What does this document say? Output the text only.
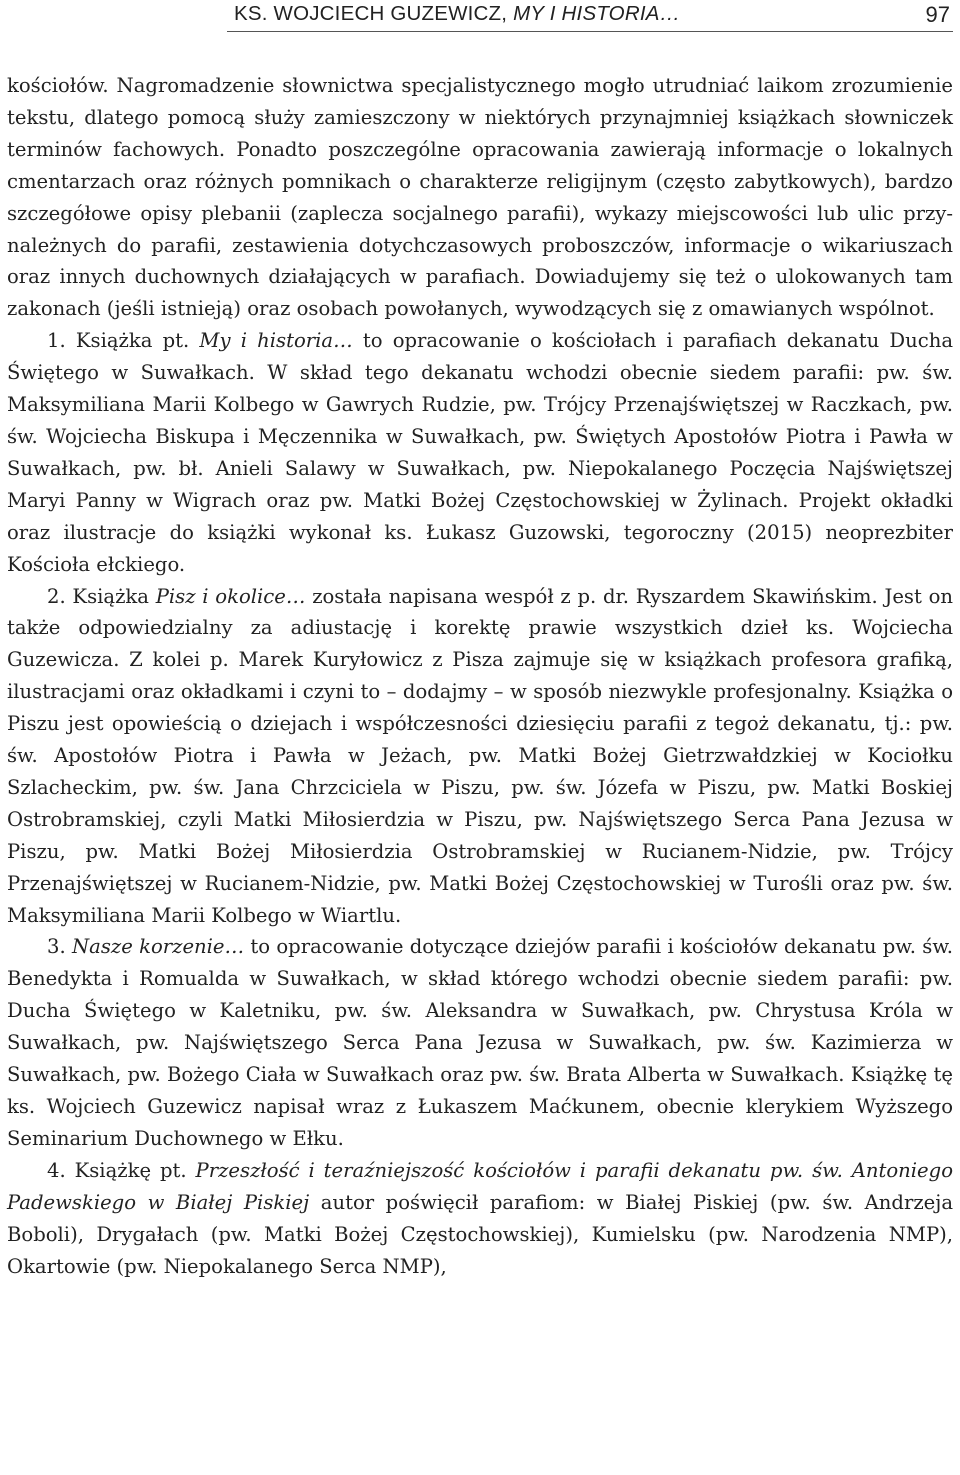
KS. WOJCIECH GUZEWICZ, MY I HISTORIA…	97

kościołów. Nagromadzenie słownictwa specjalistycznego mogło utrudniać laikom zrozumienie tekstu, dlatego pomocą służy zamieszczony w niektórych przynajmniej książkach słowniczek terminów fachowych. Ponadto poszczególne opracowania zawierają informacje o lokalnych cmentarzach oraz różnych pomnikach o charakterze religijnym (często zabytkowych), bardzo szczegółowe opisy plebanii (zaplecza socjalnego parafii), wykazy miejscowości lub ulic przynależnych do parafii, zestawienia dotychczasowych proboszczów, informacje o wikariuszach oraz innych duchownych działających w parafiach. Dowiadujemy się też o ulokowanych tam zakonach (jeśli istnieją) oraz osobach powołanych, wywodzących się z omawianych wspólnot.

1. Książka pt. My i historia… to opracowanie o kościołach i parafiach dekanatu Ducha Świętego w Suwałkach. W skład tego dekanatu wchodzi obecnie siedem parafii: pw. św. Maksymiliana Marii Kolbego w Gawrych Rudzie, pw. Trójcy Przenajświętszej w Raczkach, pw. św. Wojciecha Biskupa i Męczennika w Suwałkach, pw. Świętych Apostołów Piotra i Pawła w Suwałkach, pw. bł. Anieli Salawy w Suwałkach, pw. Niepokalanego Poczęcia Najświętszej Maryi Panny w Wigrach oraz pw. Matki Bożej Częstochowskiej w Żylinach. Projekt okładki oraz ilustracje do książki wykonał ks. Łukasz Guzowski, tegoroczny (2015) neoprezbiter Kościoła ełckiego.

2. Książka Pisz i okolice… została napisana wespół z p. dr. Ryszardem Skawińskim. Jest on także odpowiedzialny za adiustację i korektę prawie wszystkich dzieł ks. Wojciecha Guzewicza. Z kolei p. Marek Kuryłowicz z Pisza zajmuje się w książkach profesora grafiką, ilustracjami oraz okładkami i czyni to – dodajmy – w sposób niezwykle profesjonalny. Książka o Piszu jest opowieścią o dziejach i współczesności dziesięciu parafii z tegoż dekanatu, tj.: pw. św. Apostołów Piotra i Pawła w Jeżach, pw. Matki Bożej Gietrzwałdzkiej w Kociołku Szlacheckim, pw. św. Jana Chrzciciela w Piszu, pw. św. Józefa w Piszu, pw. Matki Boskiej Ostrobramskiej, czyli Matki Miłosierdzia w Piszu, pw. Najświętszego Serca Pana Jezusa w Piszu, pw. Matki Bożej Miłosierdzia Ostrobramskiej w Rucianem-Nidzie, pw. Trójcy Przenajświętszej w Rucianem-Nidzie, pw. Matki Bożej Częstochowskiej w Turośli oraz pw. św. Maksymiliana Marii Kolbego w Wiartlu.

3. Nasze korzenie… to opracowanie dotyczące dziejów parafii i kościołów dekanatu pw. św. Benedykta i Romualda w Suwałkach, w skład którego wchodzi obecnie siedem parafii: pw. Ducha Świętego w Kaletniku, pw. św. Aleksandra w Suwałkach, pw. Chrystusa Króla w Suwałkach, pw. Najświętszego Serca Pana Jezusa w Suwałkach, pw. św. Kazimierza w Suwałkach, pw. Bożego Ciała w Suwałkach oraz pw. św. Brata Alberta w Suwałkach. Książkę tę ks. Wojciech Guzewicz napisał wraz z Łukaszem Maćkunem, obecnie klerykiem Wyższego Seminarium Duchownego w Ełku.

4. Książkę pt. Przeszłość i teraźniejszość kościołów i parafii dekanatu pw. św. Antoniego Padewskiego w Białej Piskiej autor poświęcił parafiom: w Białej Piskiej (pw. św. Andrzeja Boboli), Drygałach (pw. Matki Bożej Częstochowskiej), Kumielsku (pw. Narodzenia NMP), Okartowie (pw. Niepokalanego Serca NMP),
